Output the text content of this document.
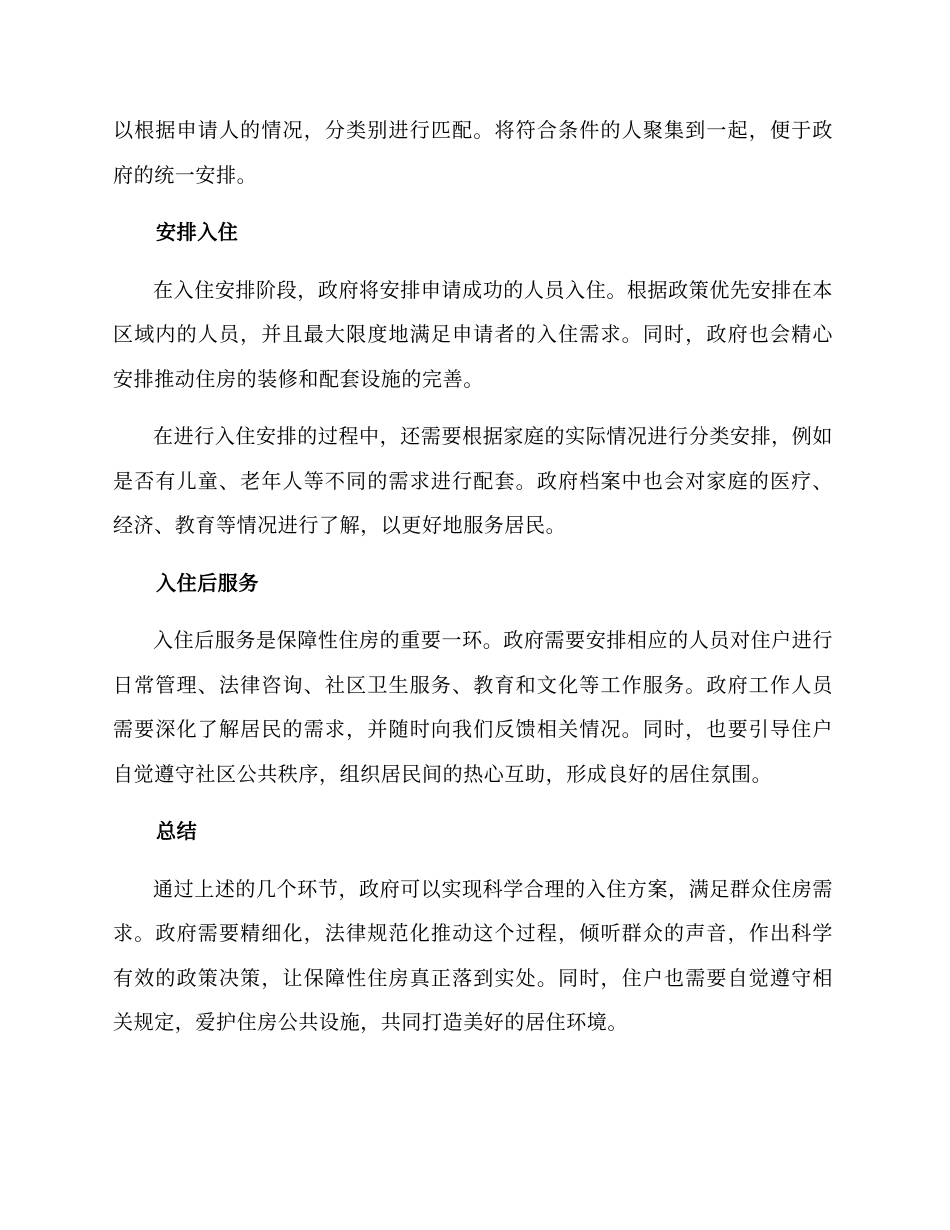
以根据申请人的情况，分类别进行匹配。将符合条件的人聚集到一起，便于政府的统一安排。

安排入住

在入住安排阶段，政府将安排申请成功的人员入住。根据政策优先安排在本区域内的人员，并且最大限度地满足申请者的入住需求。同时，政府也会精心安排推动住房的装修和配套设施的完善。

在进行入住安排的过程中，还需要根据家庭的实际情况进行分类安排，例如是否有儿童、老年人等不同的需求进行配套。政府档案中也会对家庭的医疗、经济、教育等情况进行了解，以更好地服务居民。

入住后服务

入住后服务是保障性住房的重要一环。政府需要安排相应的人员对住户进行日常管理、法律咨询、社区卫生服务、教育和文化等工作服务。政府工作人员需要深化了解居民的需求，并随时向我们反馈相关情况。同时，也要引导住户自觉遵守社区公共秩序，组织居民间的热心互助，形成良好的居住氛围。

总结

通过上述的几个环节，政府可以实现科学合理的入住方案，满足群众住房需求。政府需要精细化，法律规范化推动这个过程，倾听群众的声音，作出科学有效的政策决策，让保障性住房真正落到实处。同时，住户也需要自觉遵守相关规定，爱护住房公共设施，共同打造美好的居住环境。
